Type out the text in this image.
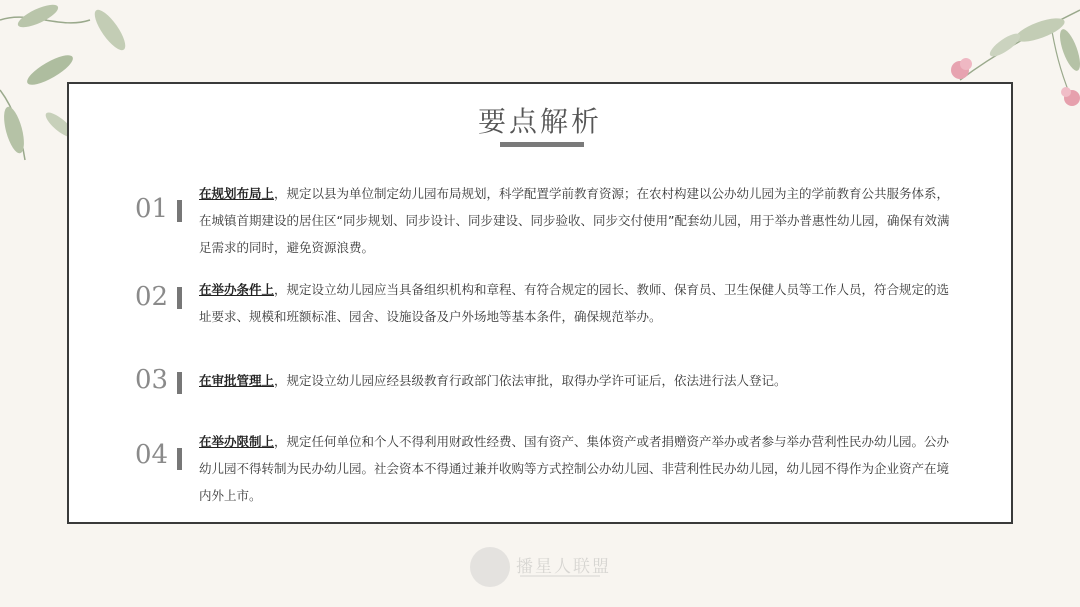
要点解析
01

在规划布局上，规定以县为单位制定幼儿园布局规划，科学配置学前教育资源；在农村构建以公办幼儿园为主的学前教育公共服务体系，在城镇首期建设的居住区“同步规划、同步设计、同步建设、同步验收、同步交付使用”配套幼儿园，用于举办普惠性幼儿园，确保有效满足需求的同时，避免资源浪费。

02	在举办条件上，规定设立幼儿园应当具备组织机构和章程、有符合规定的园长、教师、保育员、卫生保健人员等工作人员，符合规定的选址要求、规模和班额标准、园舍、设施设备及户外场地等基本条件，确保规范举办。

03	在审批管理上，规定设立幼儿园应经县级教育行政部门依法审批，取得办学许可证后，依法进行法人登记。

04	在举办限制上，规定任何单位和个人不得利用财政性经费、国有资产、集体资产或者捐赠资产举办或者参与举办营利性民办幼儿园。公办幼儿园不得转制为民办幼儿园。社会资本不得通过兼并收购等方式控制公办幼儿园、非营利性民办幼儿园，幼儿园不得作为企业资产在境内外上市。

播星人联盟
